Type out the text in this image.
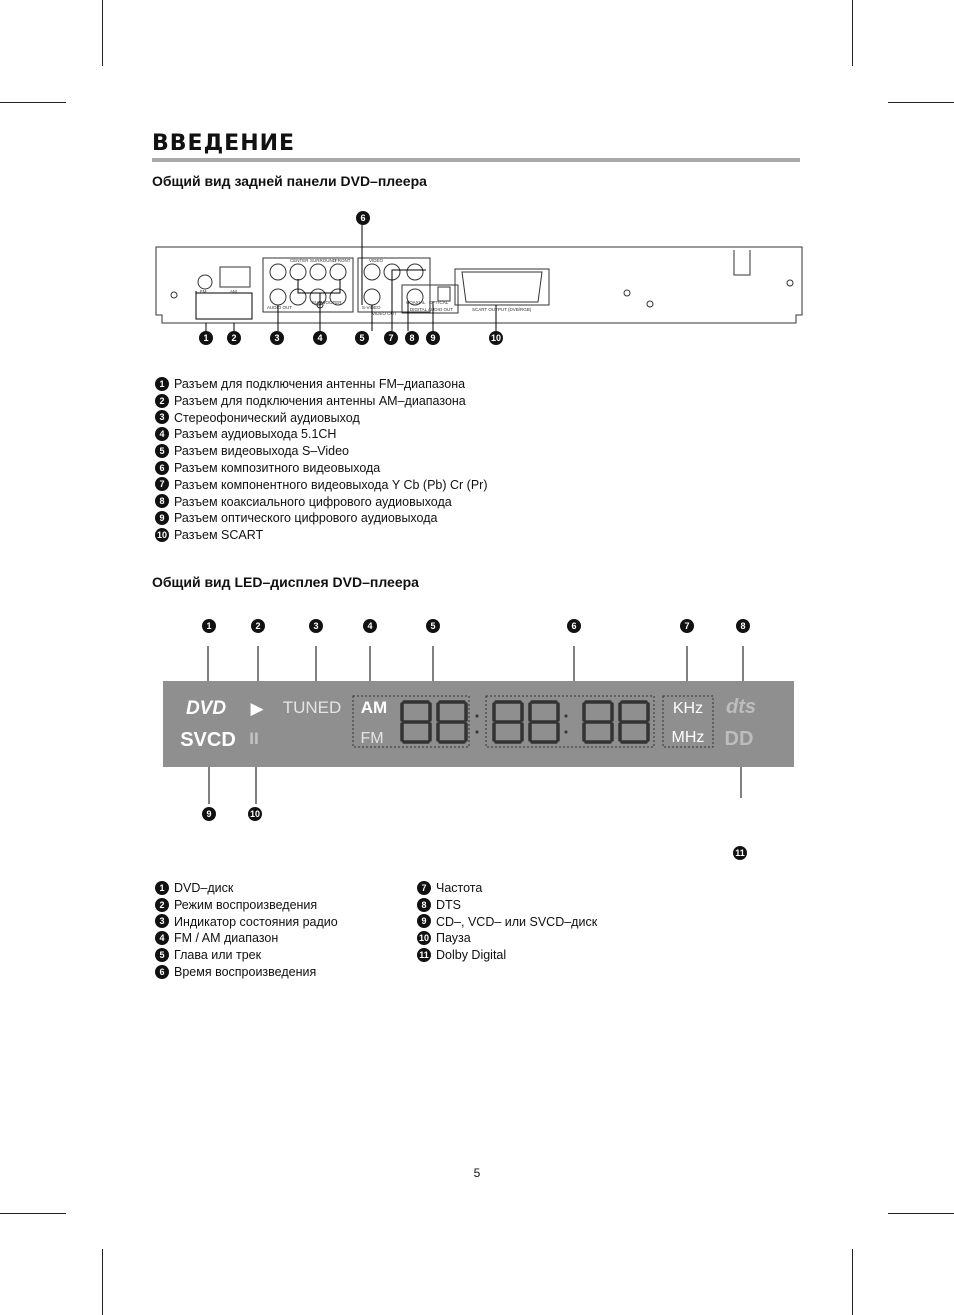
ВВЕДЕНИЕ
Общий вид задней панели DVD–плеера
FM	AM
AUDIO OUT
SUBWOOFER
CENTER	FRONT
SURROUND
S-VIDEO
VIDEO
VIDEO OUT
COAXIAL OPTICAL
DIGITAL AUDIO OUT	SCART OUTPUT (DVB/RGB)
6
1	2	3	4	5	7 8 9	10
1 Разъем для подключения антенны FM–диапазона
2 Разъем для подключения антенны AM–диапазона
3 Стереофонический аудиовыход
4 Разъем аудиовыхода 5.1CH
5 Разъем видеовыхода S–Video
6 Разъем композитного видеовыхода
7 Разъем компонентного видеовыхода Y Cb (Pb) Cr (Pr)
8 Разъем коаксиального цифрового аудиовыхода
9 Разъем оптического цифрового аудиовыхода
10 Разъем SCART
Общий вид LED–дисплея DVD–плеера
DVD
SVCD
▶
II
TUNED AM
FM
KHz
MHz
dts
DD
1	2	3	4	5	6	7	8
9	10
11
1 DVD–диск
2 Режим воспроизведения
3 Индикатор состояния радио
4 FM / AM диапазон
5 Глава или трек
6 Время воспроизведения
7 Частота
8 DTS
9 CD–, VCD– или SVCD–диск
10 Пауза
11 Dolby Digital
5
